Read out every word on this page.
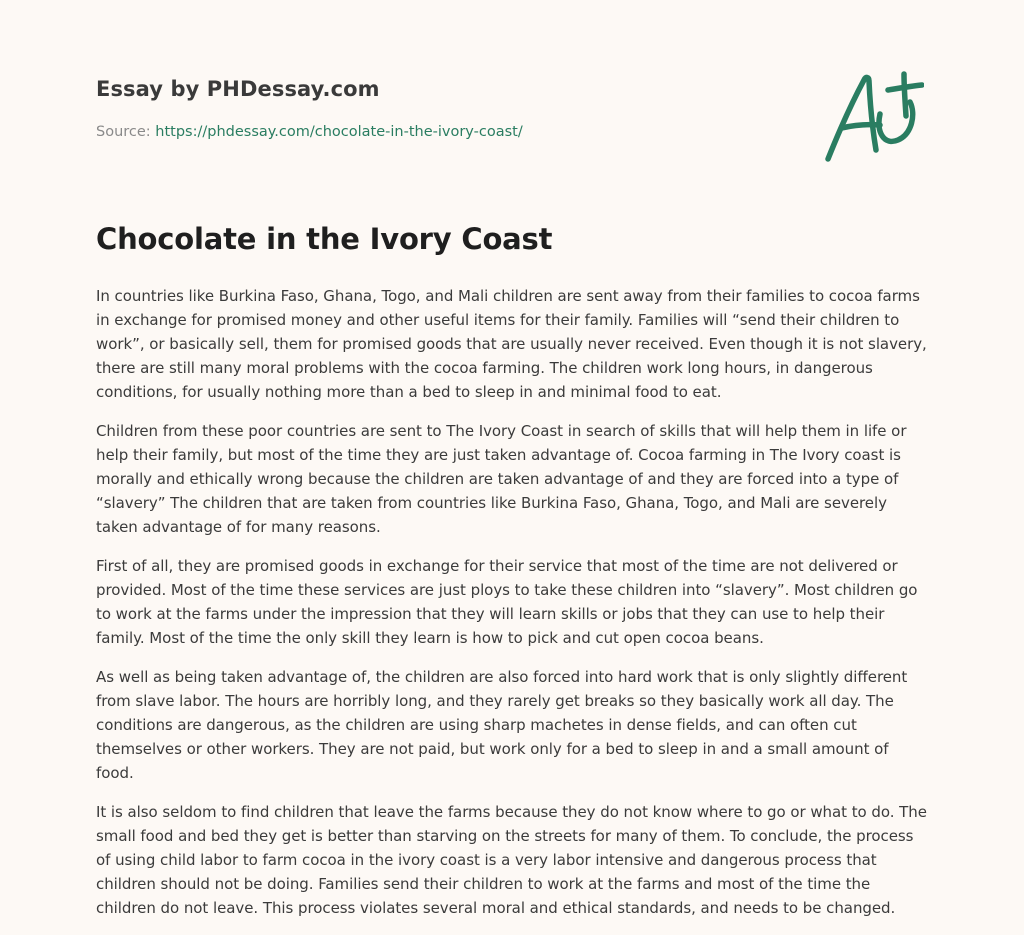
Essay by PHDessay.com

Source: https://phdessay.com/chocolate-in-the-ivory-coast/

Chocolate in the Ivory Coast

In countries like Burkina Faso, Ghana, Togo, and Mali children are sent away from their families to cocoa farms in exchange for promised money and other useful items for their family. Families will “send their children to work”, or basically sell, them for promised goods that are usually never received. Even though it is not slavery, there are still many moral problems with the cocoa farming. The children work long hours, in dangerous conditions, for usually nothing more than a bed to sleep in and minimal food to eat.

Children from these poor countries are sent to The Ivory Coast in search of skills that will help them in life or help their family, but most of the time they are just taken advantage of. Cocoa farming in The Ivory coast is morally and ethically wrong because the children are taken advantage of and they are forced into a type of “slavery” The children that are taken from countries like Burkina Faso, Ghana, Togo, and Mali are severely taken advantage of for many reasons.

First of all, they are promised goods in exchange for their service that most of the time are not delivered or provided. Most of the time these services are just ploys to take these children into “slavery”. Most children go to work at the farms under the impression that they will learn skills or jobs that they can use to help their family. Most of the time the only skill they learn is how to pick and cut open cocoa beans.

As well as being taken advantage of, the children are also forced into hard work that is only slightly different from slave labor. The hours are horribly long, and they rarely get breaks so they basically work all day. The conditions are dangerous, as the children are using sharp machetes in dense fields, and can often cut themselves or other workers. They are not paid, but work only for a bed to sleep in and a small amount of food.

It is also seldom to find children that leave the farms because they do not know where to go or what to do. The small food and bed they get is better than starving on the streets for many of them. To conclude, the process of using child labor to farm cocoa in the ivory coast is a very labor intensive and dangerous process that children should not be doing. Families send their children to work at the farms and most of the time the children do not leave. This process violates several moral and ethical standards, and needs to be changed.
